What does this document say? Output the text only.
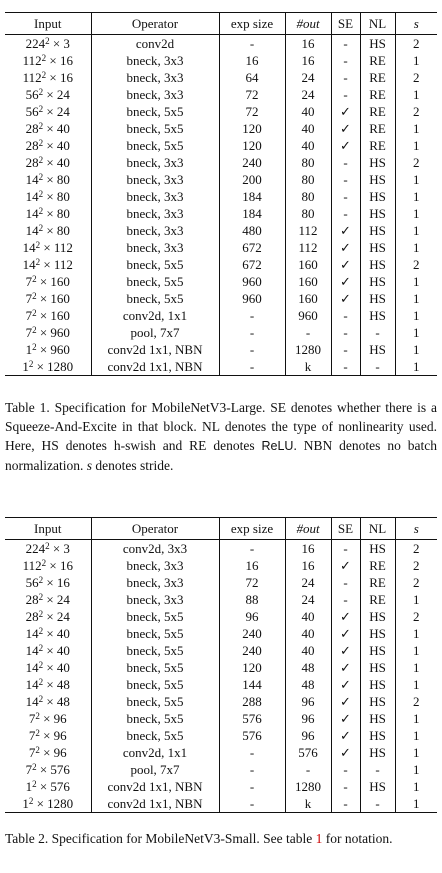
Input	Operator	exp size	#out	SE	NL	s
$224^2 \times 3$	conv2d	-	16	-	HS	2
$112^2 \times 16$	bneck, 3x3	16	16	-	RE	1
$112^2 \times 16$	bneck, 3x3	64	24	-	RE	2
$56^2 \times 24$	bneck, 3x3	72	24	-	RE	1
$56^2 \times 24$	bneck, 5x5	72	40	✓	RE	2
$28^2 \times 40$	bneck, 5x5	120	40	✓	RE	1
$28^2 \times 40$	bneck, 5x5	120	40	✓	RE	1
$28^2 \times 40$	bneck, 3x3	240	80	-	HS	2
$14^2 \times 80$	bneck, 3x3	200	80	-	HS	1
$14^2 \times 80$	bneck, 3x3	184	80	-	HS	1
$14^2 \times 80$	bneck, 3x3	184	80	-	HS	1
$14^2 \times 80$	bneck, 3x3	480	112	✓	HS	1
$14^2 \times 112$	bneck, 3x3	672	112	✓	HS	1
$14^2 \times 112$	bneck, 5x5	672	160	✓	HS	2
$7^2 \times 160$	bneck, 5x5	960	160	✓	HS	1
$7^2 \times 160$	bneck, 5x5	960	160	✓	HS	1
$7^2 \times 160$	conv2d, 1x1	-	960	-	HS	1
$7^2 \times 960$	pool, 7x7	-	-	-	-	1
$1^2 \times 960$	conv2d 1x1, NBN	-	1280	-	HS	1
$1^2 \times 1280$	conv2d 1x1, NBN	-	k	-	-	1
Table 1. Specification for MobileNetV3-Large. SE denotes whether there is a Squeeze-And-Excite in that block. NL denotes the type of nonlinearity used. Here, HS denotes h-swish and RE denotes ReLU. NBN denotes no batch normalization. s denotes stride.
Input	Operator	exp size	#out	SE	NL	s
$224^2 \times 3$	conv2d, 3x3	-	16	-	HS	2
$112^2 \times 16$	bneck, 3x3	16	16	✓	RE	2
$56^2 \times 16$	bneck, 3x3	72	24	-	RE	2
$28^2 \times 24$	bneck, 3x3	88	24	-	RE	1
$28^2 \times 24$	bneck, 5x5	96	40	✓	HS	2
$14^2 \times 40$	bneck, 5x5	240	40	✓	HS	1
$14^2 \times 40$	bneck, 5x5	240	40	✓	HS	1
$14^2 \times 40$	bneck, 5x5	120	48	✓	HS	1
$14^2 \times 48$	bneck, 5x5	144	48	✓	HS	1
$14^2 \times 48$	bneck, 5x5	288	96	✓	HS	2
$7^2 \times 96$	bneck, 5x5	576	96	✓	HS	1
$7^2 \times 96$	bneck, 5x5	576	96	✓	HS	1
$7^2 \times 96$	conv2d, 1x1	-	576	✓	HS	1
$7^2 \times 576$	pool, 7x7	-	-	-	-	1
$1^2 \times 576$	conv2d 1x1, NBN	-	1280	-	HS	1
$1^2 \times 1280$	conv2d 1x1, NBN	-	k	-	-	1
Table 2. Specification for MobileNetV3-Small. See table 1 for notation.
